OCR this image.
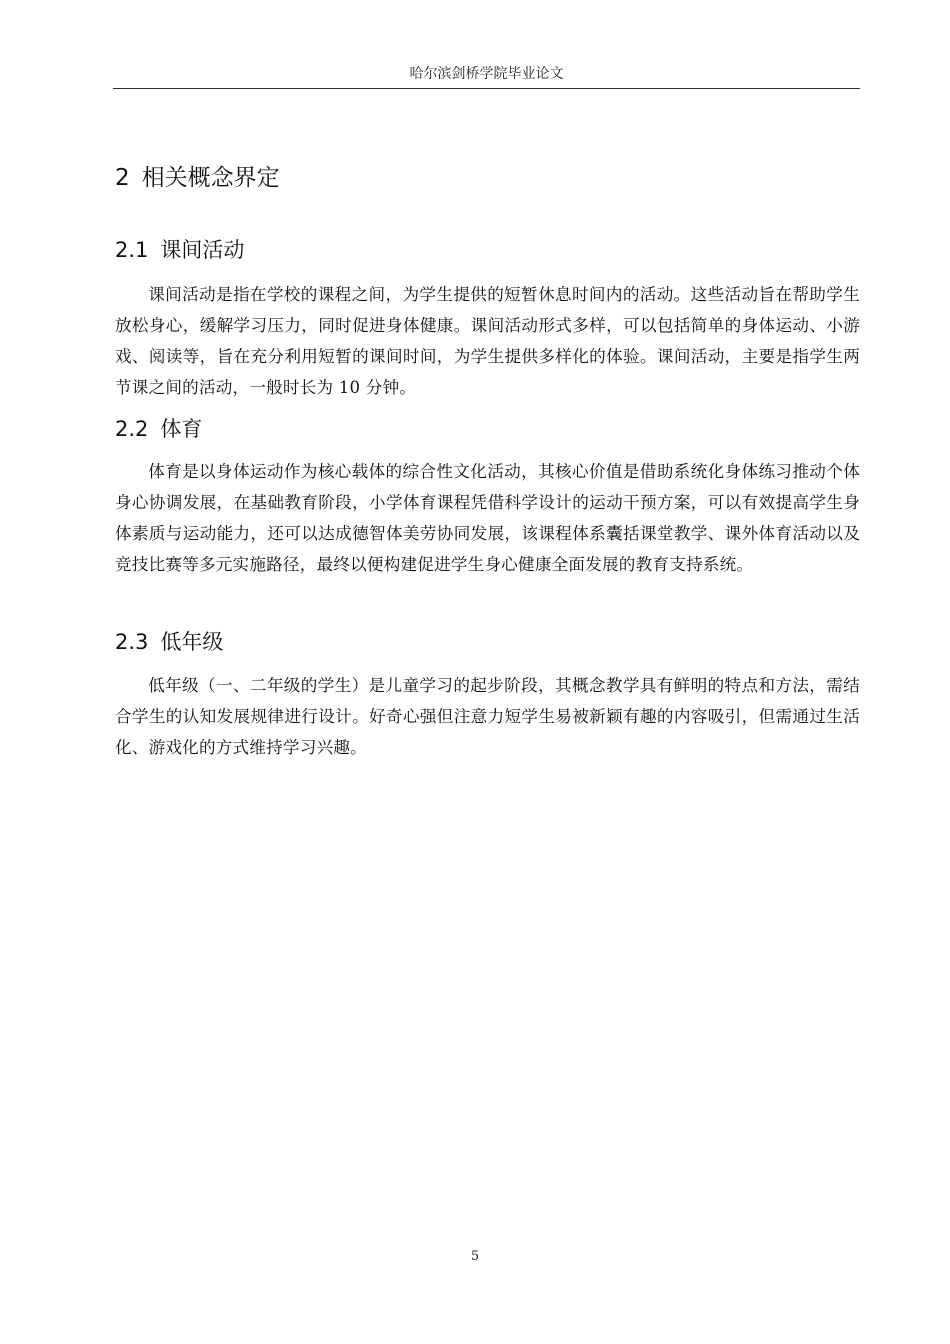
哈尔滨剑桥学院毕业论文
2 相关概念界定
2.1 课间活动

课间活动是指在学校的课程之间，为学生提供的短暂休息时间内的活动。这些活动旨在帮助学生放松身心，缓解学习压力，同时促进身体健康。课间活动形式多样，可以包括简单的身体运动、小游戏、阅读等，旨在充分利用短暂的课间时间，为学生提供多样化的体验。课间活动，主要是指学生两节课之间的活动，一般时长为 10 分钟。

2.2 体育

体育是以身体运动作为核心载体的综合性文化活动，其核心价值是借助系统化身体练习推动个体身心协调发展，在基础教育阶段，小学体育课程凭借科学设计的运动干预方案，可以有效提高学生身体素质与运动能力，还可以达成德智体美劳协同发展，该课程体系囊括课堂教学、课外体育活动以及竞技比赛等多元实施路径，最终以便构建促进学生身心健康全面发展的教育支持系统。

2.3 低年级

低年级（一、二年级的学生）是儿童学习的起步阶段，其概念教学具有鲜明的特点和方法，需结合学生的认知发展规律进行设计。好奇心强但注意力短学生易被新颖有趣的内容吸引，但需通过生活化、游戏化的方式维持学习兴趣。

5
